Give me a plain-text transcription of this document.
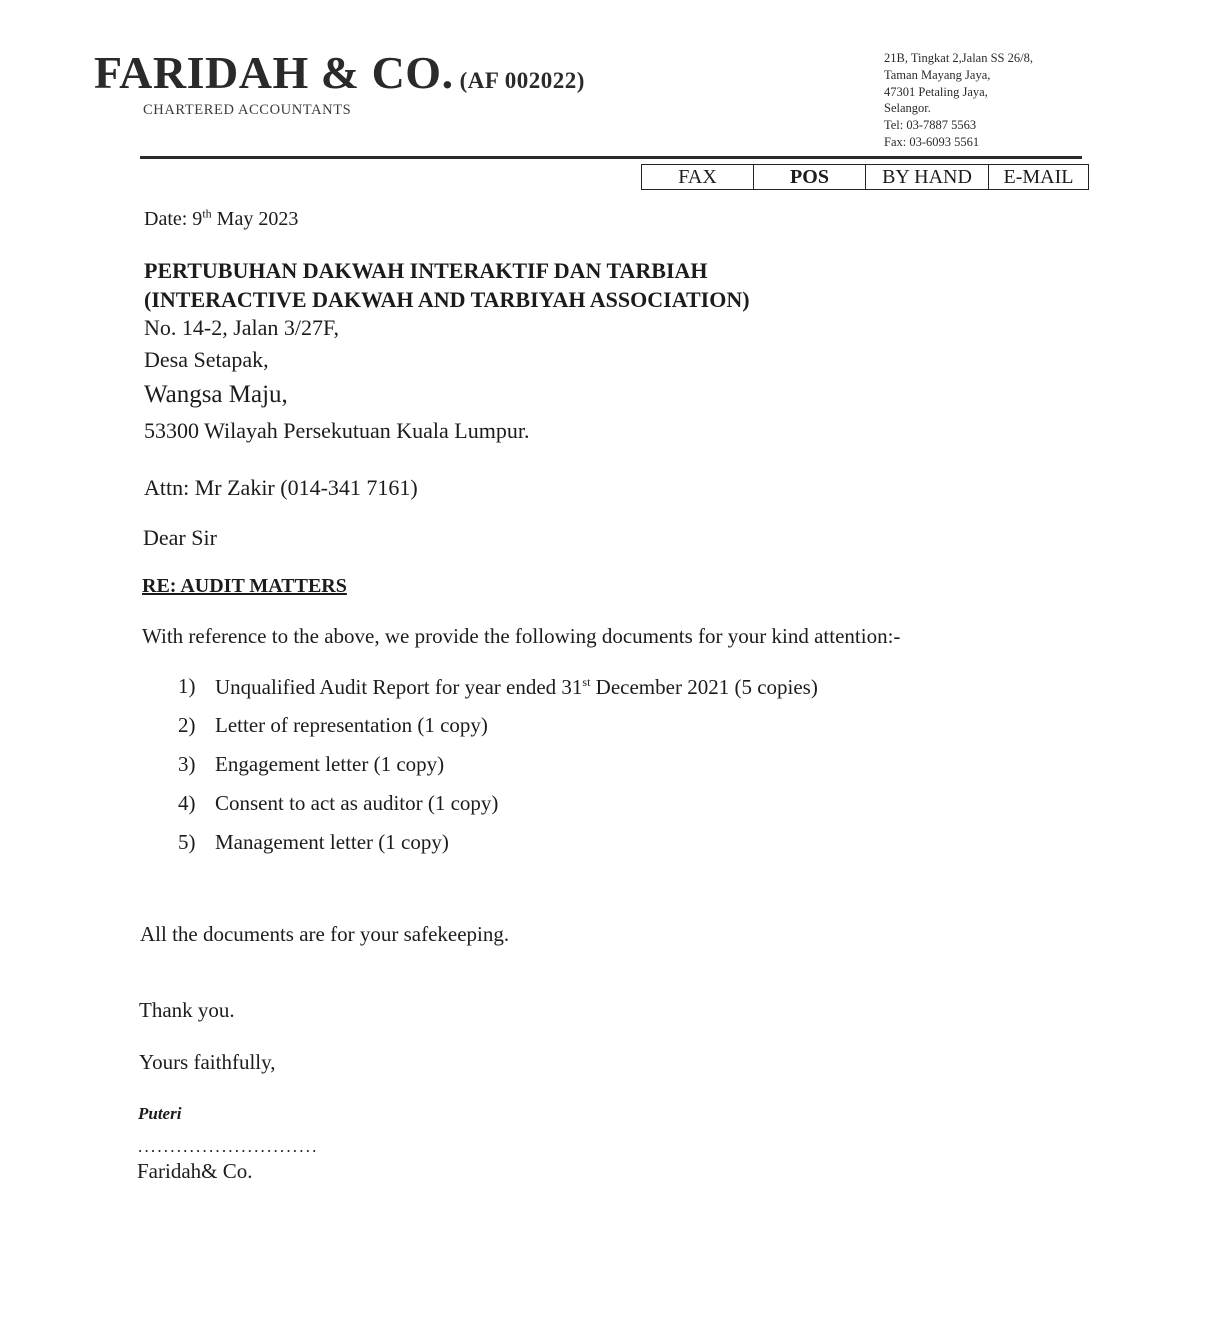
FARIDAH & CO. (AF 002022)
CHARTERED ACCOUNTANTS
21B, Tingkat 2,Jalan SS 26/8,
Taman Mayang Jaya,
47301 Petaling Jaya,
Selangor.
Tel: 03-7887 5563
Fax: 03-6093 5561
FAX	POS	BY HAND	E-MAIL
Date: 9th May 2023
PERTUBUHAN DAKWAH INTERAKTIF DAN TARBIAH
(INTERACTIVE DAKWAH AND TARBIYAH ASSOCIATION)
No. 14-2, Jalan 3/27F,
Desa Setapak,
Wangsa Maju,
53300 Wilayah Persekutuan Kuala Lumpur.
Attn: Mr Zakir (014-341 7161)
Dear Sir
RE: AUDIT MATTERS
With reference to the above, we provide the following documents for your kind attention:-
1) Unqualified Audit Report for year ended 31st December 2021 (5 copies)
2) Letter of representation (1 copy)
3) Engagement letter (1 copy)
4) Consent to act as auditor (1 copy)
5) Management letter (1 copy)
All the documents are for your safekeeping.
Thank you.
Yours faithfully,
Puteri
............................
Faridah& Co.
